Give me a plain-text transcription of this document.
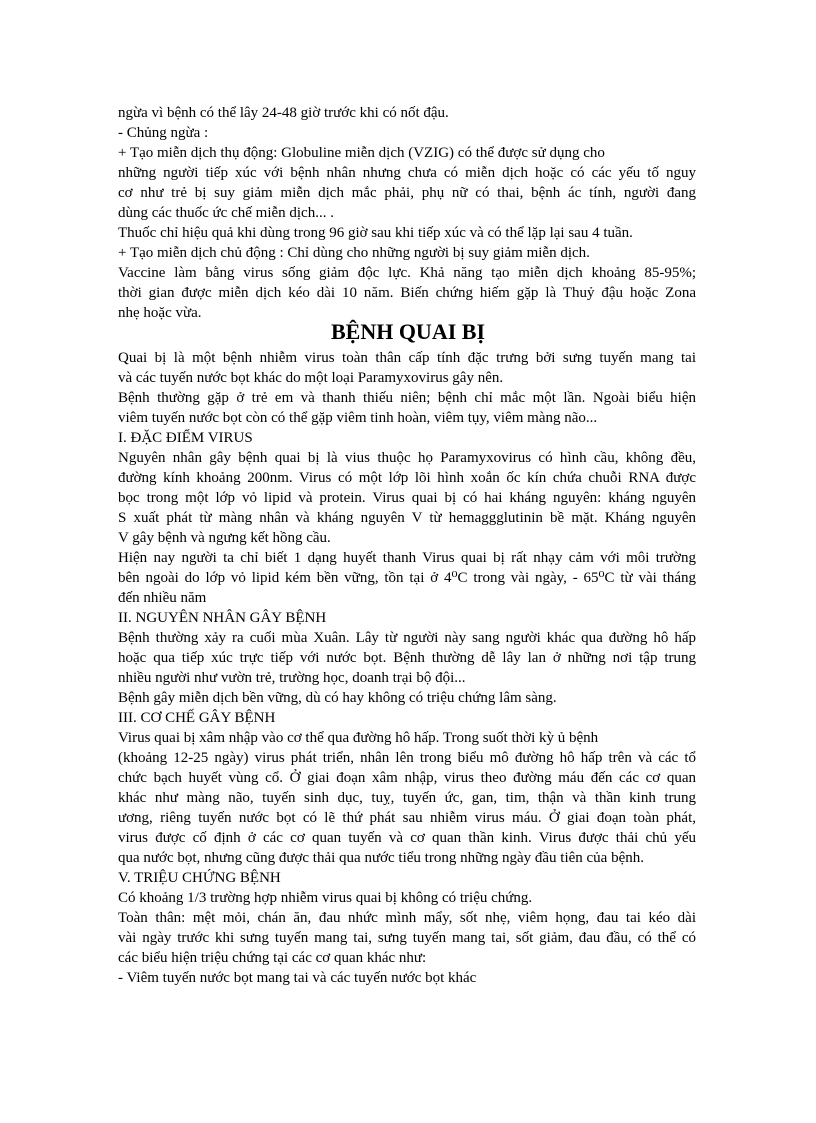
ngừa vì bệnh có thể lây 24-48 giờ trước khi có nốt đậu.
- Chủng ngừa :
+ Tạo miễn dịch thụ động: Globuline miễn dịch (VZIG) có thể được sử dụng cho
những người tiếp xúc với bệnh nhân nhưng chưa có miễn dịch hoặc có các yếu tố nguy
cơ như trẻ bị suy giảm miễn dịch mắc phải, phụ nữ có thai, bệnh ác tính, người đang
dùng các thuốc ức chế miễn dịch... .
Thuốc chỉ hiệu quả khi dùng trong 96 giờ sau khi tiếp xúc và có thể lặp lại sau 4 tuần.
+ Tạo miễn dịch chủ động : Chỉ dùng cho những người bị suy giảm miễn dịch.
Vaccine làm bằng virus sống giảm độc lực. Khả năng tạo miễn dịch khoảng 85-95%;
thời gian được miễn dịch kéo dài 10 năm. Biến chứng hiếm gặp là Thuỷ đậu hoặc Zona
nhẹ hoặc vừa.
BỆNH QUAI BỊ
Quai bị là một bệnh nhiễm virus toàn thân cấp tính đặc trưng bởi sưng tuyến mang tai
và các tuyến nước bọt khác do một loại Paramyxovirus gây nên.
Bệnh thường gặp ở trẻ em và thanh thiếu niên; bệnh chỉ mắc một lần. Ngoài biểu hiện
viêm tuyến nước bọt còn có thể gặp viêm tinh hoàn, viêm tụy, viêm màng não...
I. ĐẶC ĐIỂM VIRUS
Nguyên nhân gây bệnh quai bị là vius thuộc họ Paramyxovirus có hình cầu, không đều,
đường kính khoảng 200nm. Virus có một lớp lõi hình xoắn ốc kín chứa chuỗi RNA được
bọc trong một lớp vỏ lipid và protein. Virus quai bị có hai kháng nguyên: kháng nguyên
S xuất phát từ màng nhân và kháng nguyên V từ hemaggglutinin bề mặt. Kháng nguyên
V gây bệnh và ngưng kết hồng cầu.
Hiện nay người ta chỉ biết 1 dạng huyết thanh Virus quai bị rất nhạy cảm với môi trường
bên ngoài do lớp vỏ lipid kém bền vững, tồn tại ở 4⁰C trong vài ngày, - 65⁰C từ vài tháng
đến nhiều năm
II. NGUYÊN NHÂN GÂY BỆNH
Bệnh thường xảy ra cuối mùa Xuân. Lây từ người này sang người khác qua đường hô hấp
hoặc qua tiếp xúc trực tiếp với nước bọt. Bệnh thường dễ lây lan ở những nơi tập trung
nhiều người như vườn trẻ, trường học, doanh trại bộ đội...
Bệnh gây miễn dịch bền vững, dù có hay không có triệu chứng lâm sàng.
III. CƠ CHẾ GÂY BỆNH
Virus quai bị xâm nhập vào cơ thể qua đường hô hấp. Trong suốt thời kỳ ủ bệnh
(khoảng 12-25 ngày) virus phát triển, nhân lên trong biểu mô đường hô hấp trên và các tổ
chức bạch huyết vùng cổ. Ở giai đoạn xâm nhập, virus theo đường máu đến các cơ quan
khác như màng não, tuyến sinh dục, tuỵ, tuyến ức, gan, tim, thận và thần kinh trung
ương, riêng tuyến nước bọt có lẽ thứ phát sau nhiễm virus máu. Ở giai đoạn toàn phát,
virus được cố định ở các cơ quan tuyến và cơ quan thần kinh. Virus được thải chủ yếu
qua nước bọt, nhưng cũng được thải qua nước tiểu trong những ngày đầu tiên của bệnh.
V. TRIỆU CHỨNG BỆNH
Có khoảng 1/3 trường hợp nhiễm virus quai bị không có triệu chứng.
Toàn thân: mệt mỏi, chán ăn, đau nhức mình mẩy, sốt nhẹ, viêm họng, đau tai kéo dài
vài ngày trước khi sưng tuyến mang tai, sưng tuyến mang tai, sốt giảm, đau đầu, có thể có
các biểu hiện triệu chứng tại các cơ quan khác như:
- Viêm tuyến nước bọt mang tai và các tuyến nước bọt khác
